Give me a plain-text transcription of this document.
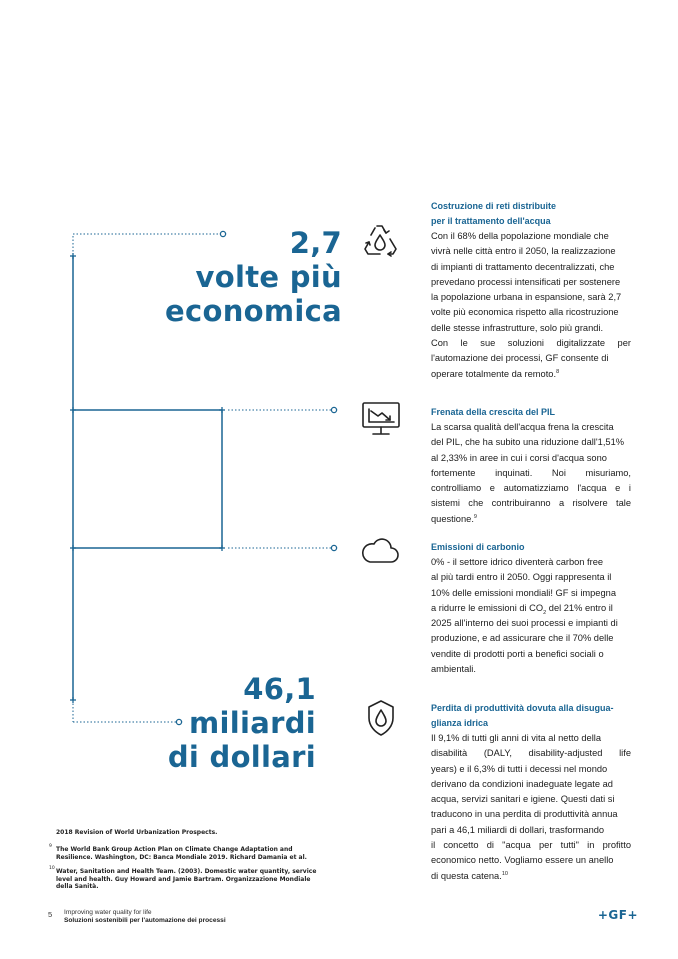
2,7
volte più
economica
46,1
miliardi
di dollari
Costruzione di reti distribuite
per il trattamento dell'acqua
Con il 68% della popolazione mondiale che
vivrà nelle città entro il 2050, la realizzazione
di impianti di trattamento decentralizzati, che
prevedano processi intensificati per sostenere
la popolazione urbana in espansione, sarà 2,7
volte più economica rispetto alla ricostruzione
delle stesse infrastrutture, solo più grandi.
Con le sue soluzioni digitalizzate per
l'automazione dei processi, GF consente di
operare totalmente da remoto.$^8$
Frenata della crescita del PIL
La scarsa qualità dell'acqua frena la crescita
del PIL, che ha subito una riduzione dall'1,51%
al 2,33% in aree in cui i corsi d'acqua sono
fortemente inquinati. Noi misuriamo,
controlliamo e automatizziamo l'acqua e i
sistemi che contribuiranno a risolvere tale
questione.$^9$
Emissioni di carbonio
0% - il settore idrico diventerà carbon free
al più tardi entro il 2050. Oggi rappresenta il
10% delle emissioni mondiali! GF si impegna
a ridurre le emissioni di $CO_2$ del 21% entro il
2025 all'interno dei suoi processi e impianti di
produzione, e ad assicurare che il 70% delle
vendite di prodotti porti a benefici sociali o
ambientali.
Perdita di produttività dovuta alla disugua-
glianza idrica
Il 9,1% di tutti gli anni di vita al netto della
disabilità (DALY, disability-adjusted life
years) e il 6,3% di tutti i decessi nel mondo
derivano da condizioni inadeguate legate ad
acqua, servizi sanitari e igiene. Questi dati si
traducono in una perdita di produttività annua
pari a 46,1 miliardi di dollari, trasformando
il concetto di "acqua per tutti" in profitto
economico netto. Vogliamo essere un anello
di questa catena.$^{10}$
2018 Revision of World Urbanization Prospects.
9 The World Bank Group Action Plan on Climate Change Adaptation and
Resilience. Washington, DC: Banca Mondiale 2019. Richard Damania et al.
10 Water, Sanitation and Health Team. (2003). Domestic water quantity, service
level and health. Guy Howard and Jamie Bartram. Organizzazione Mondiale
della Sanità.
5 Improving water quality for life
Soluzioni sostenibili per l'automazione dei processi	+GF+
